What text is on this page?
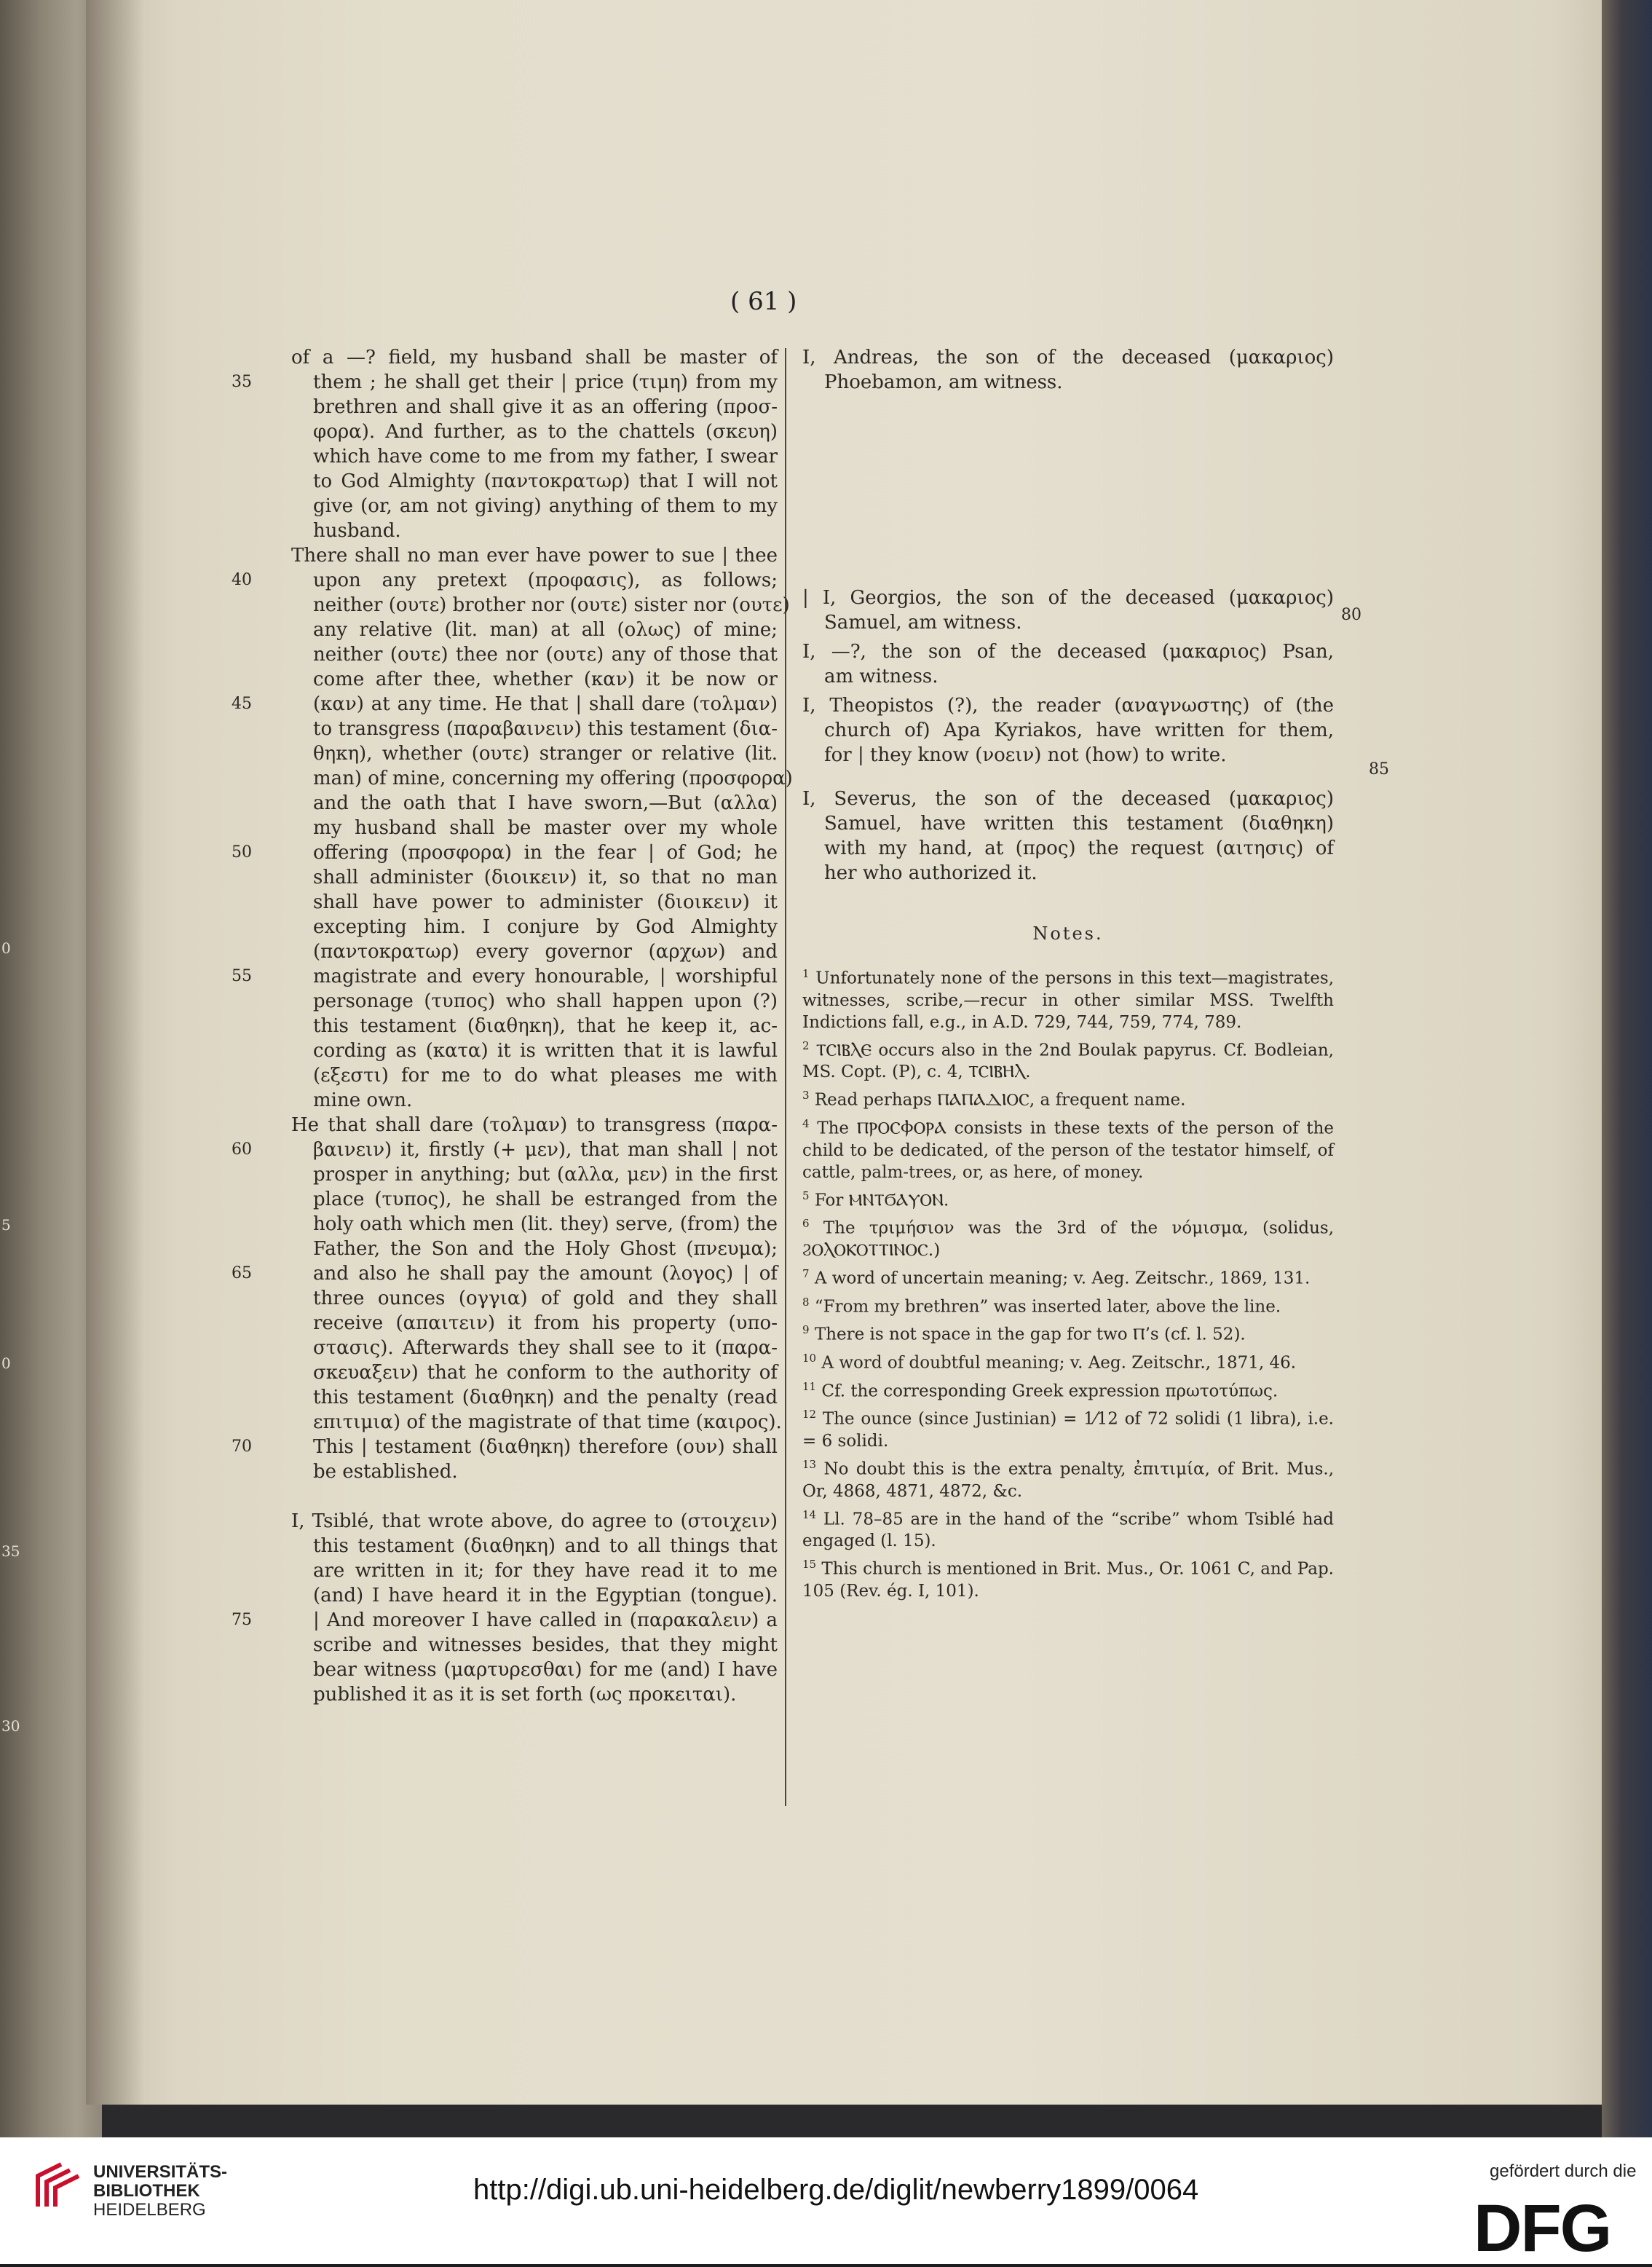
0
5
0
35
30
( 61 )
of a —? field, my husband shall be master of
them ; he shall get their | price (τιμη) from my
brethren and shall give it as an offering (προσ-
φορα). And further, as to the chattels (σκευη)
which have come to me from my father, I swear
to God Almighty (παντοκρατωρ) that I will not
give (or, am not giving) anything of them to my
husband.
There shall no man ever have power to sue | thee
upon any pretext (προφασις), as follows;
neither (ουτε) brother nor (ουτε) sister nor (ουτε)
any relative (lit. man) at all (ολως) of mine;
neither (ουτε) thee nor (ουτε) any of those that
come after thee, whether (καν) it be now or
(καν) at any time. He that | shall dare (τολμαν)
to transgress (παραβαινειν) this testament (δια-
θηκη), whether (ουτε) stranger or relative (lit.
man) of mine, concerning my offering (προσφορα)
and the oath that I have sworn,—But (αλλα)
my husband shall be master over my whole
offering (προσφορα) in the fear | of God; he
shall administer (διοικειν) it, so that no man
shall have power to administer (διοικειν) it
excepting him. I conjure by God Almighty
(παντοκρατωρ) every governor (αρχων) and
magistrate and every honourable, | worshipful
personage (τυπος) who shall happen upon (?)
this testament (διαθηκη), that he keep it, ac-
cording as (κατα) it is written that it is lawful
(εξεστι) for me to do what pleases me with
mine own.
He that shall dare (τολμαν) to transgress (παρα-
βαινειν) it, firstly (+ μεν), that man shall | not
prosper in anything; but (αλλα, μεν) in the first
place (τυπος), he shall be estranged from the
holy oath which men (lit. they) serve, (from) the
Father, the Son and the Holy Ghost (πνευμα);
and also he shall pay the amount (λογος) | of
three ounces (ογγια) of gold and they shall
receive (απαιτειν) it from his property (υπο-
στασις). Afterwards they shall see to it (παρα-
σκευαξειν) that he conform to the authority of
this testament (διαθηκη) and the penalty (read
επιτιμια) of the magistrate of that time (καιρος).
This | testament (διαθηκη) therefore (ουν) shall
be established.
I, Tsiblé, that wrote above, do agree to (στοιχειν)
this testament (διαθηκη) and to all things that
are written in it; for they have read it to me
(and) I have heard it in the Egyptian (tongue).
| And moreover I have called in (παρακαλειν) a
scribe and witnesses besides, that they might
bear witness (μαρτυρεσθαι) for me (and) I have
published it as it is set forth (ως προκειται).
35
40
45
50
55
60
65
70
75
I, Andreas, the son of the deceased (μακαριος)
Phoebamon, am witness.
| I, Georgios, the son of the deceased (μακαριος)
Samuel, am witness.
I, —?, the son of the deceased (μακαριος) Psan,
am witness.
I, Theopistos (?), the reader (αναγνωστης) of (the
church of) Apa Kyriakos, have written for them,
for | they know (νοειν) not (how) to write.
I, Severus, the son of the deceased (μακαριος)
Samuel, have written this testament (διαθηκη)
with my hand, at (προς) the request (αιτησις) of
her who authorized it.
Notes.
$^1$ Unfortunately none of the persons in this text—magistrates, witnesses, scribe,—recur in other similar MSS. Twelfth Indictions fall, e.g., in A.D. 729, 744, 759, 774, 789.
$^2$ ⲦⲤⲒⲂⲖⲈ occurs also in the 2nd Boulak papyrus. Cf. Bodleian, MS. Copt. (P), c. 4, ⲦⲤⲒⲂⲎⲖ.
$^3$ Read perhaps ⲠⲀⲠⲀⲆⲒⲞⲤ, a frequent name.
$^4$ The ⲠⲢⲞⲤⲪⲞⲢⲀ consists in these texts of the person of the child to be dedicated, of the person of the testator himself, of cattle, palm-trees, or, as here, of money.
$^5$ For ⲘⲚⲦϬⲀⲨⲞⲚ.
$^6$ The τριμήσιον was the 3rd of the νόμισμα, (solidus, ϨⲞⲖⲞⲔⲞⲦⲦⲒⲚⲞⲤ.)
$^7$ A word of uncertain meaning; v. Aeg. Zeitschr., 1869, 131.
$^8$ “From my brethren” was inserted later, above the line.
$^9$ There is not space in the gap for two Ⲡ’s (cf. l. 52).
$^{10}$ A word of doubtful meaning; v. Aeg. Zeitschr., 1871, 46.
$^{11}$ Cf. the corresponding Greek expression πρωτοτύπως.
$^{12}$ The ounce (since Justinian) = 1⁄12 of 72 solidi (1 libra), i.e. = 6 solidi.
$^{13}$ No doubt this is the extra penalty, ἐπιτιμία, of Brit. Mus., Or, 4868, 4871, 4872, &c.
$^{14}$ Ll. 78–85 are in the hand of the “scribe” whom Tsiblé had engaged (l. 15).
$^{15}$ This church is mentioned in Brit. Mus., Or. 1061 C, and Pap. 105 (Rev. ég. I, 101).
80
85
UNIVERSITÄTS-
BIBLIOTHEK
HEIDELBERG
http://digi.ub.uni-heidelberg.de/diglit/newberry1899/0064
gefördert durch die
DFG
